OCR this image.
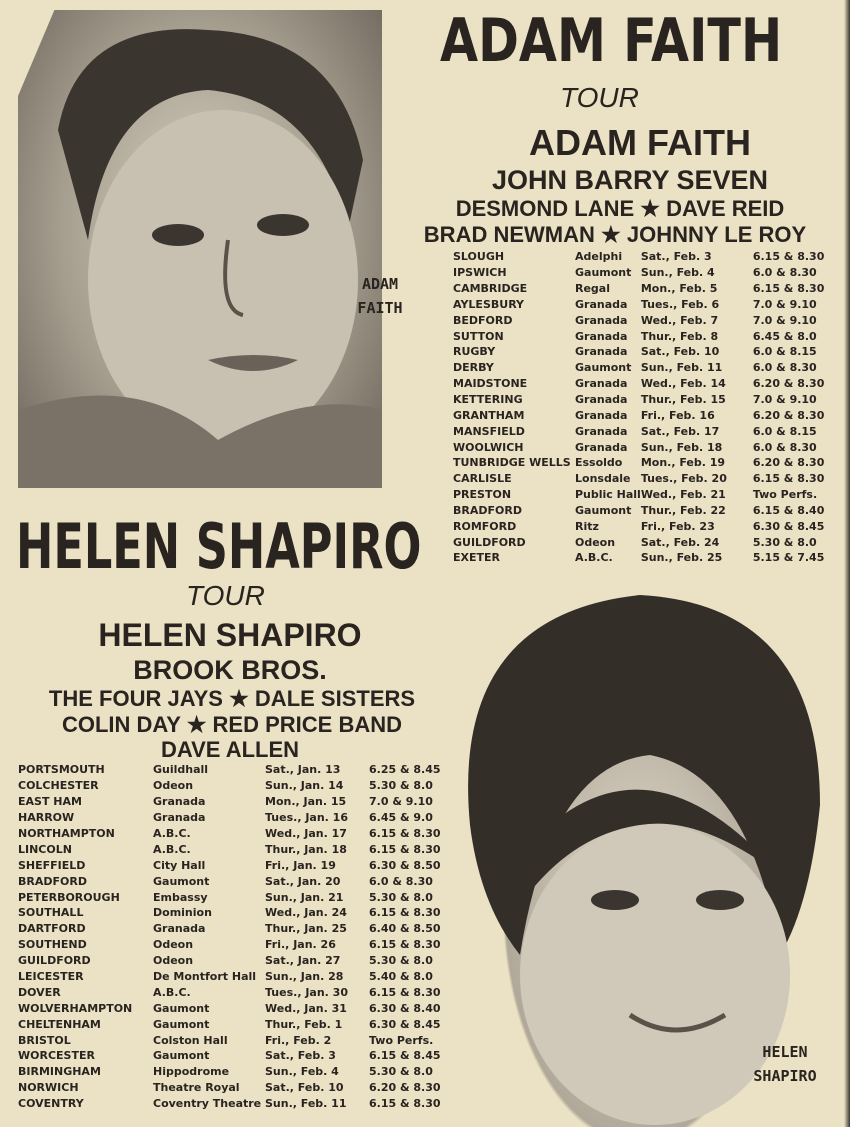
ADAM
FAITH
ADAM FAITH
TOUR
ADAM FAITH
JOHN BARRY SEVEN
DESMOND LANE ★ DAVE REID
BRAD NEWMAN ★ JOHNNY LE ROY
SLOUGH	Adelphi	Sat., Feb. 3	6.15 & 8.30
IPSWICH	Gaumont	Sun., Feb. 4	6.0 & 8.30
CAMBRIDGE	Regal	Mon., Feb. 5	6.15 & 8.30
AYLESBURY	Granada	Tues., Feb. 6	7.0 & 9.10
BEDFORD	Granada	Wed., Feb. 7	7.0 & 9.10
SUTTON	Granada	Thur., Feb. 8	6.45 & 8.0
RUGBY	Granada	Sat., Feb. 10	6.0 & 8.15
DERBY	Gaumont	Sun., Feb. 11	6.0 & 8.30
MAIDSTONE	Granada	Wed., Feb. 14	6.20 & 8.30
KETTERING	Granada	Thur., Feb. 15	7.0 & 9.10
GRANTHAM	Granada	Fri., Feb. 16	6.20 & 8.30
MANSFIELD	Granada	Sat., Feb. 17	6.0 & 8.15
WOOLWICH	Granada	Sun., Feb. 18	6.0 & 8.30
TUNBRIDGE WELLS	Essoldo	Mon., Feb. 19	6.20 & 8.30
CARLISLE	Lonsdale	Tues., Feb. 20	6.15 & 8.30
PRESTON	Public Hall	Wed., Feb. 21	Two Perfs.
BRADFORD	Gaumont	Thur., Feb. 22	6.15 & 8.40
ROMFORD	Ritz	Fri., Feb. 23	6.30 & 8.45
GUILDFORD	Odeon	Sat., Feb. 24	5.30 & 8.0
EXETER	A.B.C.	Sun., Feb. 25	5.15 & 7.45
HELEN SHAPIRO
TOUR
HELEN SHAPIRO
BROOK BROS.
THE FOUR JAYS ★ DALE SISTERS
COLIN DAY ★ RED PRICE BAND
DAVE ALLEN
PORTSMOUTH	Guildhall	Sat., Jan. 13	6.25 & 8.45
COLCHESTER	Odeon	Sun., Jan. 14	5.30 & 8.0
EAST HAM	Granada	Mon., Jan. 15	7.0 & 9.10
HARROW	Granada	Tues., Jan. 16	6.45 & 9.0
NORTHAMPTON	A.B.C.	Wed., Jan. 17	6.15 & 8.30
LINCOLN	A.B.C.	Thur., Jan. 18	6.15 & 8.30
SHEFFIELD	City Hall	Fri., Jan. 19	6.30 & 8.50
BRADFORD	Gaumont	Sat., Jan. 20	6.0 & 8.30
PETERBOROUGH	Embassy	Sun., Jan. 21	5.30 & 8.0
SOUTHALL	Dominion	Wed., Jan. 24	6.15 & 8.30
DARTFORD	Granada	Thur., Jan. 25	6.40 & 8.50
SOUTHEND	Odeon	Fri., Jan. 26	6.15 & 8.30
GUILDFORD	Odeon	Sat., Jan. 27	5.30 & 8.0
LEICESTER	De Montfort Hall	Sun., Jan. 28	5.40 & 8.0
DOVER	A.B.C.	Tues., Jan. 30	6.15 & 8.30
WOLVERHAMPTON	Gaumont	Wed., Jan. 31	6.30 & 8.40
CHELTENHAM	Gaumont	Thur., Feb. 1	6.30 & 8.45
BRISTOL	Colston Hall	Fri., Feb. 2	Two Perfs.
WORCESTER	Gaumont	Sat., Feb. 3	6.15 & 8.45
BIRMINGHAM	Hippodrome	Sun., Feb. 4	5.30 & 8.0
NORWICH	Theatre Royal	Sat., Feb. 10	6.20 & 8.30
COVENTRY	Coventry Theatre	Sun., Feb. 11	6.15 & 8.30
HELEN
SHAPIRO
